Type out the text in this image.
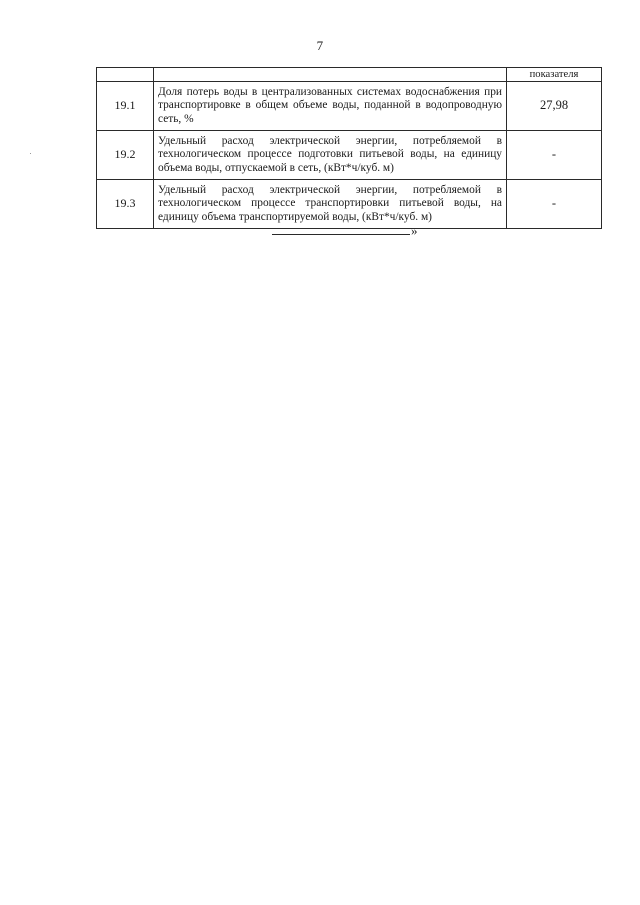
7
		показателя
19.1	Доля потерь воды в централизованных системах водоснабжения при транспортировке в общем объеме воды, поданной в водопроводную сеть, %	27,98
19.2	Удельный расход электрической энергии, потребляемой в технологическом процессе подготовки питьевой воды, на единицу объема воды, отпускаемой в сеть, (кВт*ч/куб. м)	-
19.3	Удельный расход электрической энергии, потребляемой в технологическом процессе транспортировки питьевой воды, на единицу объема транспортируемой воды, (кВт*ч/куб. м)	-
»
